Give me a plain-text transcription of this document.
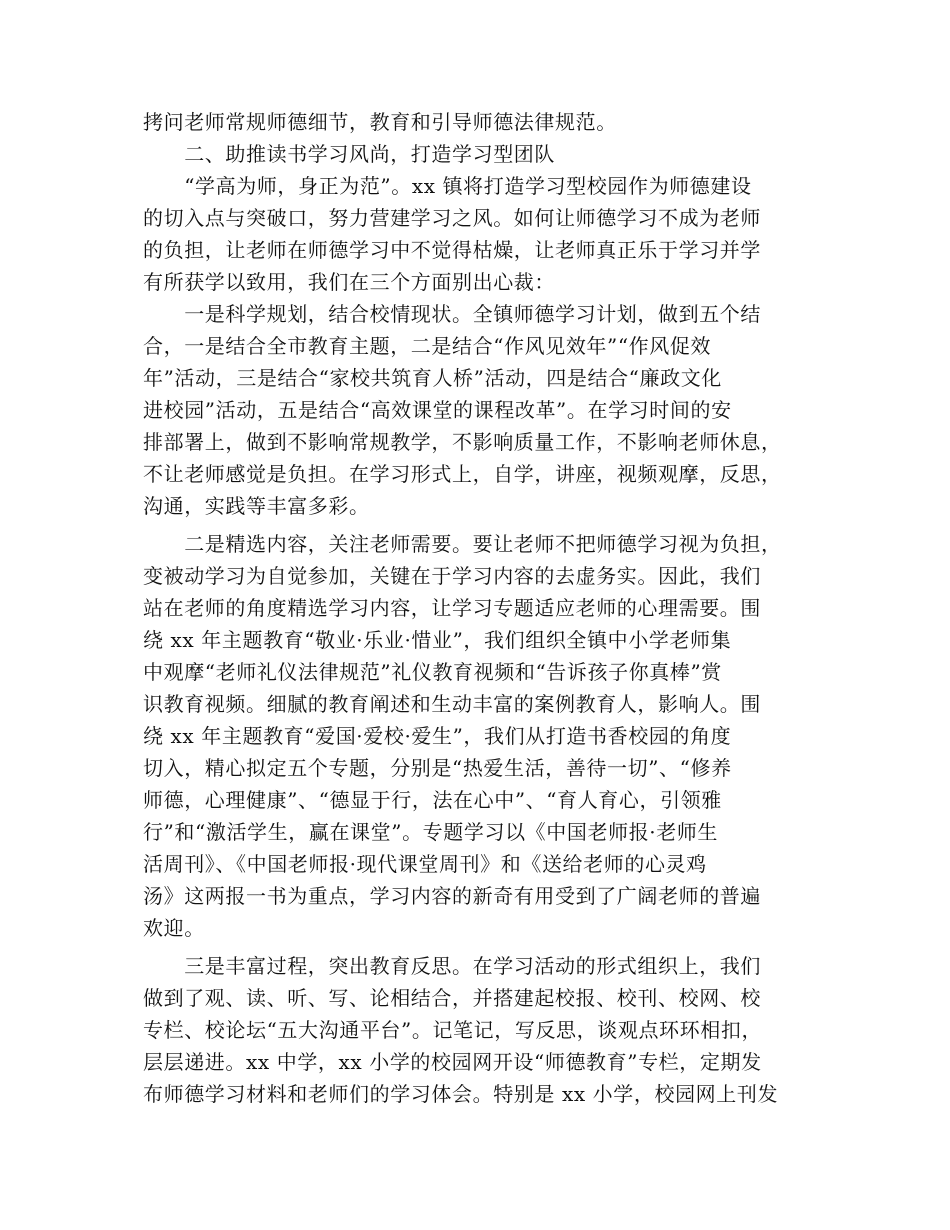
拷问老师常规师德细节，教育和引导师德法律规范。
　　二、助推读书学习风尚，打造学习型团队
　　“学高为师，身正为范”。xx 镇将打造学习型校园作为师德建设
的切入点与突破口，努力营建学习之风。如何让师德学习不成为老师
的负担，让老师在师德学习中不觉得枯燥，让老师真正乐于学习并学
有所获学以致用，我们在三个方面别出心裁：
　　一是科学规划，结合校情现状。全镇师德学习计划，做到五个结
合，一是结合全市教育主题，二是结合“作风见效年”“作风促效
年”活动，三是结合“家校共筑育人桥”活动，四是结合“廉政文化
进校园”活动，五是结合“高效课堂的课程改革”。在学习时间的安
排部署上，做到不影响常规教学，不影响质量工作，不影响老师休息，
不让老师感觉是负担。在学习形式上，自学，讲座，视频观摩，反思，
沟通，实践等丰富多彩。
　　二是精选内容，关注老师需要。要让老师不把师德学习视为负担，
变被动学习为自觉参加，关键在于学习内容的去虚务实。因此，我们
站在老师的角度精选学习内容，让学习专题适应老师的心理需要。围
绕 xx 年主题教育“敬业·乐业·惜业”，我们组织全镇中小学老师集
中观摩“老师礼仪法律规范”礼仪教育视频和“告诉孩子你真棒”赏
识教育视频。细腻的教育阐述和生动丰富的案例教育人，影响人。围
绕 xx 年主题教育“爱国·爱校·爱生”，我们从打造书香校园的角度
切入，精心拟定五个专题，分别是“热爱生活，善待一切”、“修养
师德，心理健康”、“德显于行，法在心中”、“育人育心，引领雅
行”和“激活学生，赢在课堂”。专题学习以《中国老师报·老师生
活周刊》、《中国老师报·现代课堂周刊》和《送给老师的心灵鸡
汤》这两报一书为重点，学习内容的新奇有用受到了广阔老师的普遍
欢迎。
　　三是丰富过程，突出教育反思。在学习活动的形式组织上，我们
做到了观、读、听、写、论相结合，并搭建起校报、校刊、校网、校
专栏、校论坛“五大沟通平台”。记笔记，写反思，谈观点环环相扣，
层层递进。xx 中学，xx 小学的校园网开设“师德教育”专栏，定期发
布师德学习材料和老师们的学习体会。特别是 xx 小学，校园网上刊发
